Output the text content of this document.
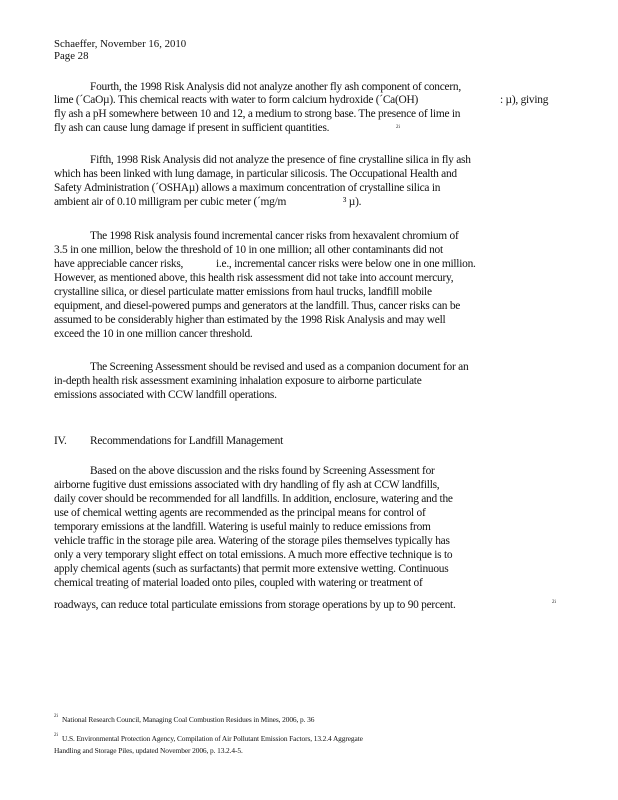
Schaeffer, November 16, 2010
Page 28
Fourth, the 1998 Risk Analysis did not analyze another fly ash component of concern,
lime (´CaOµ). This chemical reacts with water to form calcium hydroxide (´Ca(OH)	: µ), giving
fly ash a pH somewhere between 10 and 12, a medium to strong base. The presence of lime in
fly ash can cause lung damage if present in sufficient quantities.	2i
Fifth, 1998 Risk Analysis did not analyze the presence of fine crystalline silica in fly ash
which has been linked with lung damage, in particular silicosis. The Occupational Health and
Safety Administration (´OSHAµ) allows a maximum concentration of crystalline silica in
ambient air of 0.10 milligram per cubic meter (´mg/m	³ µ).
The 1998 Risk analysis found incremental cancer risks from hexavalent chromium of
3.5 in one million, below the threshold of 10 in one million; all other contaminants did not
have appreciable cancer risks,	i.e., incremental cancer risks were below one in one million.
However, as mentioned above, this health risk assessment did not take into account mercury,
crystalline silica, or diesel particulate matter emissions from haul trucks, landfill mobile
equipment, and diesel-powered pumps and generators at the landfill. Thus, cancer risks can be
assumed to be considerably higher than estimated by the 1998 Risk Analysis and may well
exceed the 10 in one million cancer threshold.
The Screening Assessment should be revised and used as a companion document for an
in-depth health risk assessment examining inhalation exposure to airborne particulate
emissions associated with CCW landfill operations.
IV. Recommendations for Landfill Management
Based on the above discussion and the risks found by Screening Assessment for
airborne fugitive dust emissions associated with dry handling of fly ash at CCW landfills,
daily cover should be recommended for all landfills. In addition, enclosure, watering and the
use of chemical wetting agents are recommended as the principal means for control of
temporary emissions at the landfill. Watering is useful mainly to reduce emissions from
vehicle traffic in the storage pile area. Watering of the storage piles themselves typically has
only a very temporary slight effect on total emissions. A much more effective technique is to
apply chemical agents (such as surfactants) that permit more extensive wetting. Continuous
chemical treating of material loaded onto piles, coupled with watering or treatment of
roadways, can reduce total particulate emissions from storage operations by up to 90 percent.	2i
2i National Research Council, Managing Coal Combustion Residues in Mines, 2006, p. 36
2i U.S. Environmental Protection Agency, Compilation of Air Pollutant Emission Factors, 13.2.4 Aggregate
Handling and Storage Piles, updated November 2006, p. 13.2.4-5.
